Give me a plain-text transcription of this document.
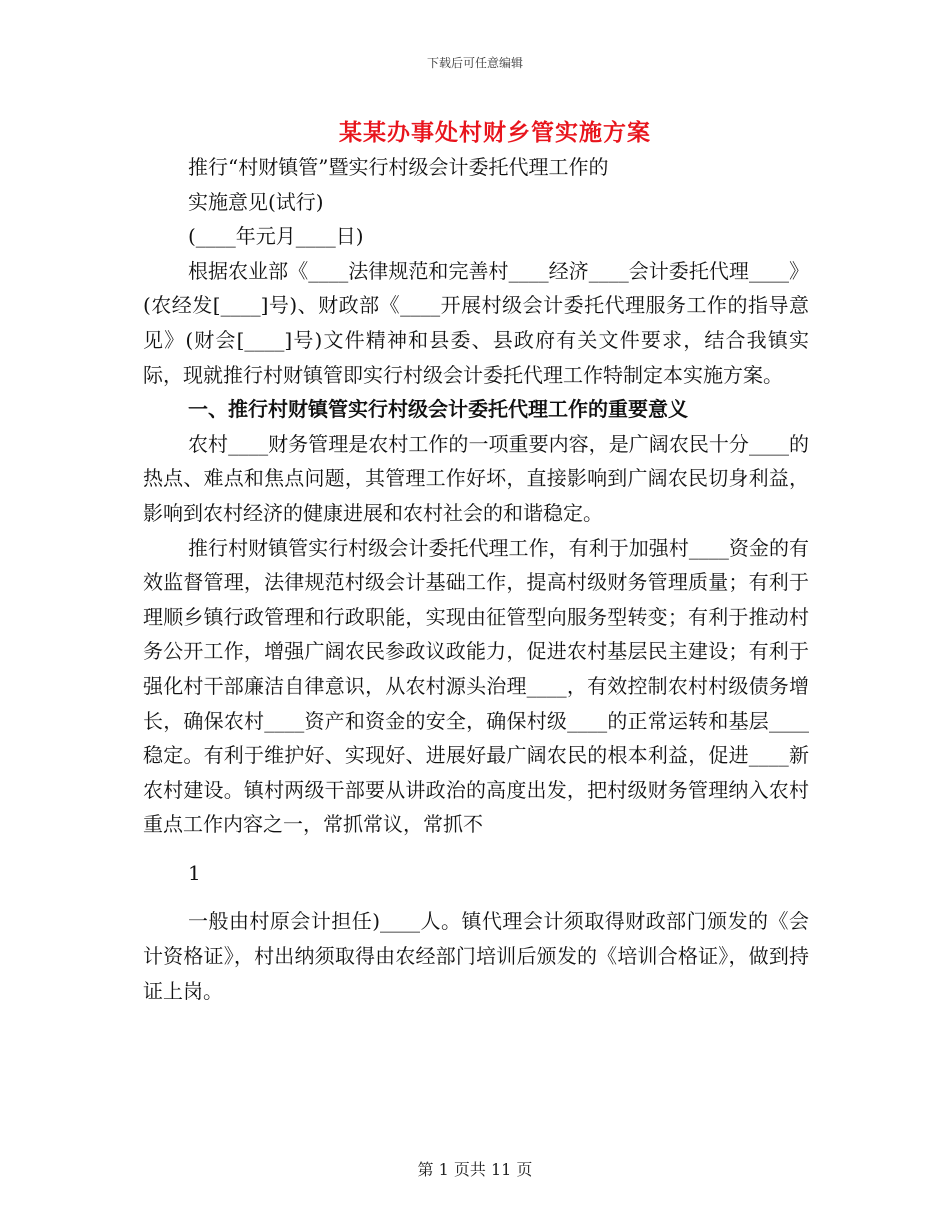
下载后可任意编辑
某某办事处村财乡管实施方案

推行“村财镇管”暨实行村级会计委托代理工作的

实施意见(试行)

(____年元月____日)

根据农业部《____法律规范和完善村____经济____会计委托代理____》(农经发[____]号)、财政部《____开展村级会计委托代理服务工作的指导意见》(财会[____]号)文件精神和县委、县政府有关文件要求，结合我镇实际，现就推行村财镇管即实行村级会计委托代理工作特制定本实施方案。

一、推行村财镇管实行村级会计委托代理工作的重要意义

农村____财务管理是农村工作的一项重要内容，是广阔农民十分____的热点、难点和焦点问题，其管理工作好坏，直接影响到广阔农民切身利益，影响到农村经济的健康进展和农村社会的和谐稳定。

推行村财镇管实行村级会计委托代理工作，有利于加强村____资金的有效监督管理，法律规范村级会计基础工作，提高村级财务管理质量；有利于理顺乡镇行政管理和行政职能，实现由征管型向服务型转变；有利于推动村务公开工作，增强广阔农民参政议政能力，促进农村基层民主建设；有利于强化村干部廉洁自律意识，从农村源头治理____，有效控制农村村级债务增长，确保农村____资产和资金的安全，确保村级____的正常运转和基层____稳定。有利于维护好、实现好、进展好最广阔农民的根本利益，促进____新农村建设。镇村两级干部要从讲政治的高度出发，把村级财务管理纳入农村重点工作内容之一，常抓常议，常抓不

1

一般由村原会计担任)____人。镇代理会计须取得财政部门颁发的《会计资格证》，村出纳须取得由农经部门培训后颁发的《培训合格证》，做到持证上岗。

第 1 页共 11 页
